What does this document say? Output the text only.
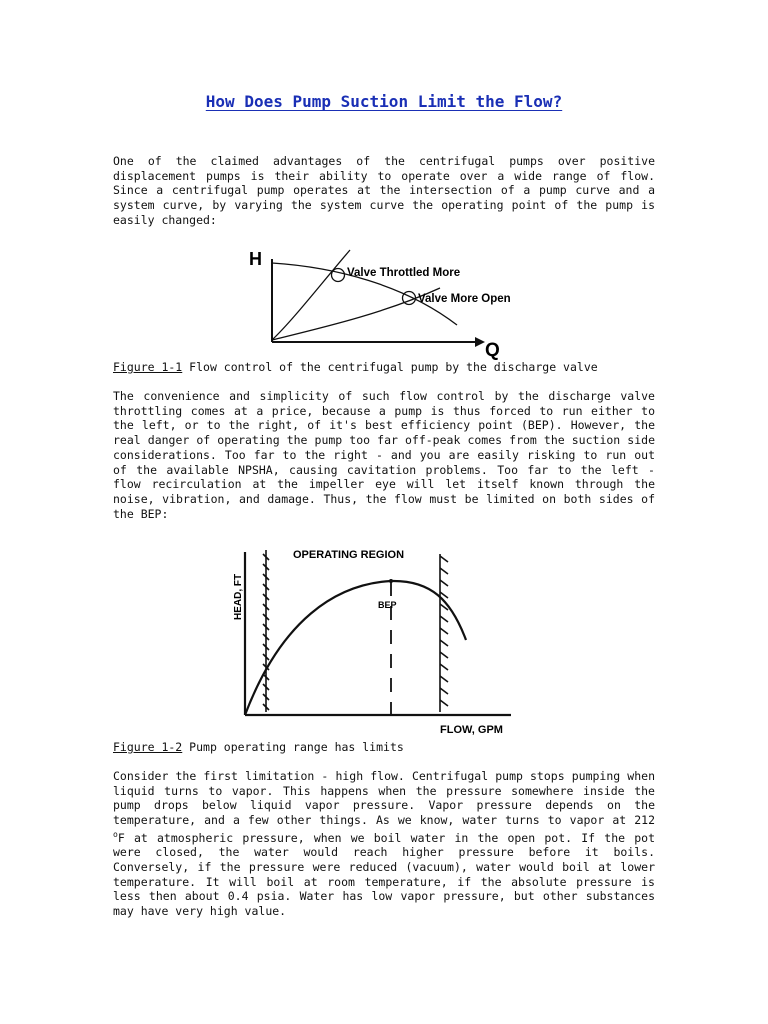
How Does Pump Suction Limit the Flow?

One of the claimed advantages of the centrifugal pumps over positive displacement pumps is their ability to operate over a wide range of flow. Since a centrifugal pump operates at the intersection of a pump curve and a system curve, by varying the system curve the operating point of the pump is easily changed:

H
Q
Valve Throttled More
Valve More Open

Figure 1-1 Flow control of the centrifugal pump by the discharge valve

The convenience and simplicity of such flow control by the discharge valve throttling comes at a price, because a pump is thus forced to run either to the left, or to the right, of it's best efficiency point (BEP). However, the real danger of operating the pump too far off-peak comes from the suction side considerations. Too far to the right - and you are easily risking to run out of the available NPSHA, causing cavitation problems. Too far to the left - flow recirculation at the impeller eye will let itself known through the noise, vibration, and damage. Thus, the flow must be limited on both sides of the BEP:

BEP
OPERATING REGION
HEAD, FT
FLOW, GPM

Figure 1-2 Pump operating range has limits

Consider the first limitation - high flow. Centrifugal pump stops pumping when liquid turns to vapor. This happens when the pressure somewhere inside the pump drops below liquid vapor pressure. Vapor pressure depends on the temperature, and a few other things. As we know, water turns to vapor at 212 $^o$F at atmospheric pressure, when we boil water in the open pot. If the pot were closed, the water would reach higher pressure before it boils. Conversely, if the pressure were reduced (vacuum), water would boil at lower temperature. It will boil at room temperature, if the absolute pressure is less then about 0.4 psia. Water has low vapor pressure, but other substances may have very high value.
